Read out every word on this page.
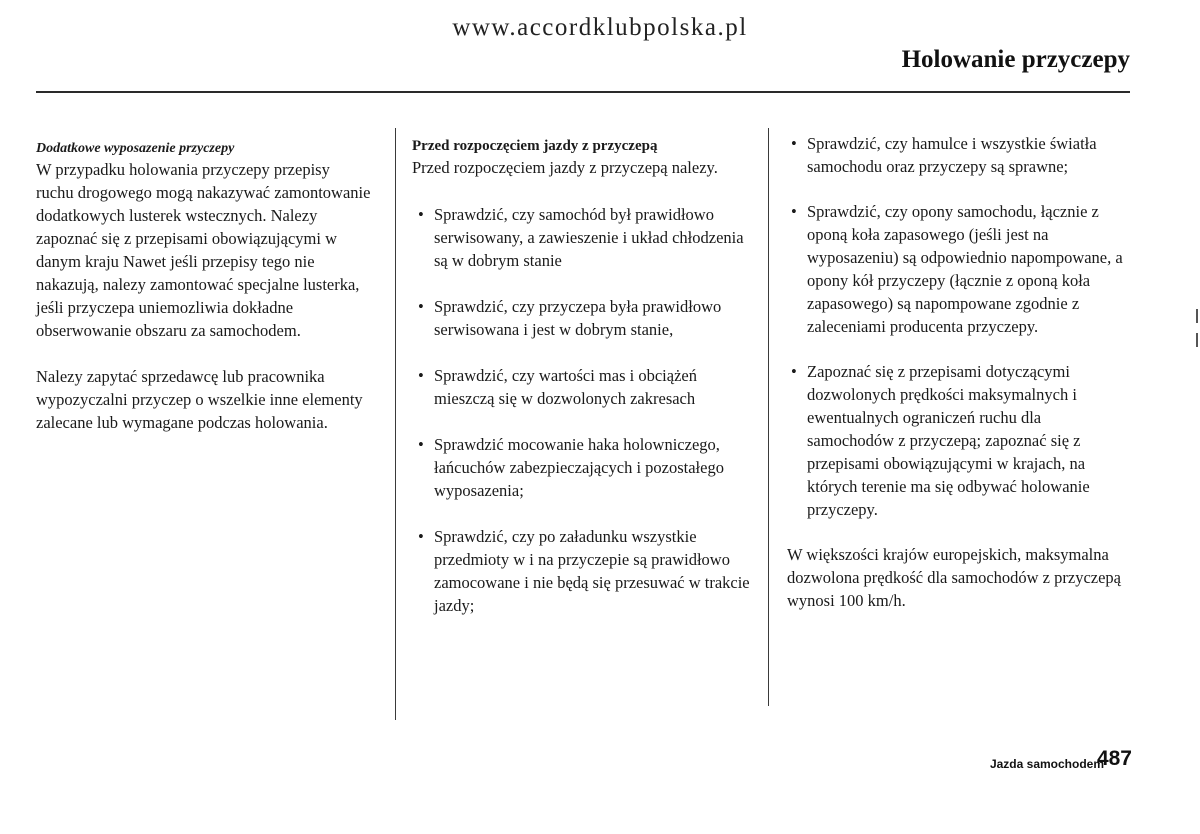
www.accordklubpolska.pl
Holowanie przyczepy

Dodatkowe wyposazenie przyczepy

W przypadku holowania przyczepy przepisy ruchu drogowego mogą nakazywać zamontowanie dodatkowych lusterek wstecznych. Nalezy zapoznać się z przepisami obowiązującymi w danym kraju Nawet jeśli przepisy tego nie nakazują, nalezy zamontować specjalne lusterka, jeśli przyczepa uniemozliwia dokładne obserwowanie obszaru za samochodem.

Nalezy zapytać sprzedawcę lub pracownika wypozyczalni przyczep o wszelkie inne elementy zalecane lub wymagane podczas holowania.

Przed rozpoczęciem jazdy z przyczepą

Przed rozpoczęciem jazdy z przyczepą nalezy.

• Sprawdzić, czy samochód był prawidłowo serwisowany, a zawieszenie i układ chłodzenia są w dobrym stanie
• Sprawdzić, czy przyczepa była prawidłowo serwisowana i jest w dobrym stanie,
• Sprawdzić, czy wartości mas i obciążeń mieszczą się w dozwolonych zakresach
• Sprawdzić mocowanie haka holowniczego, łańcuchów zabezpieczających i pozostałego wyposazenia;
• Sprawdzić, czy po załadunku wszystkie przedmioty w i na przyczepie są prawidłowo zamocowane i nie będą się przesuwać w trakcie jazdy;
• Sprawdzić, czy hamulce i wszystkie światła samochodu oraz przyczepy są sprawne;
• Sprawdzić, czy opony samochodu, łącznie z oponą koła zapasowego (jeśli jest na wyposazeniu) są odpowiednio napompowane, a opony kół przyczepy (łącznie z oponą koła zapasowego) są napompowane zgodnie z zaleceniami producenta przyczepy.
• Zapoznać się z przepisami dotyczącymi dozwolonych prędkości maksymalnych i ewentualnych ograniczeń ruchu dla samochodów z przyczepą; zapoznać się z przepisami obowiązującymi w krajach, na których terenie ma się odbywać holowanie przyczepy.

W większości krajów europejskich, maksymalna dozwolona prędkość dla samochodów z przyczepą wynosi 100 km/h.

Jazda samochodem
487
